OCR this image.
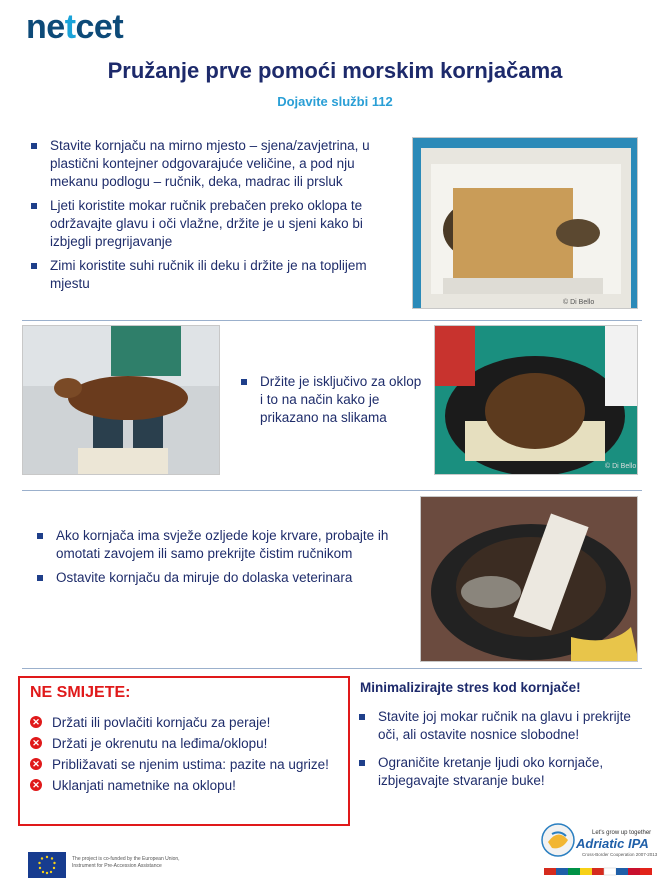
netcet
Pružanje prve pomoći morskim kornjačama
Dojavite službi 112
Stavite kornjaču na mirno mjesto – sjena/zavjetrina, u plastični kontejner odgovarajuće veličine, a pod nju mekanu podlogu – ručnik, deka, madrac ili prsluk
Ljeti koristite mokar ručnik prebačen preko oklopa te održavajte glavu i oči vlažne, držite je u sjeni kako bi izbjegli pregrijavanje
Zimi koristite suhi ručnik ili deku i držite je na toplijem mjestu
© Di Bello
Držite je isključivo za oklop i to na način kako je prikazano na slikama
© Di Bello
Ako kornjača ima svježe ozljede koje krvare, probajte ih omotati zavojem ili samo prekrijte čistim ručnikom
Ostavite kornjaču da miruje do dolaska veterinara
NE SMIJETE:
✕ Držati ili povlačiti kornjaču za peraje!
✕ Držati je okrenutu na leđima/oklopu!
✕ Približavati se njenim ustima: pazite na ugrize!
✕ Uklanjati nametnike na oklopu!
Minimalizirajte stres kod kornjače!
Stavite joj mokar ručnik na glavu i prekrijte oči, ali ostavite nosnice slobodne!
Ograničite kretanje ljudi oko kornjače, izbjegavajte stvaranje buke!
The project is co-funded by the European Union,
Instrument for Pre-Accession Assistance
Let's grow up together
Adriatic IPA
Cross-Border Cooperation 2007-2013
